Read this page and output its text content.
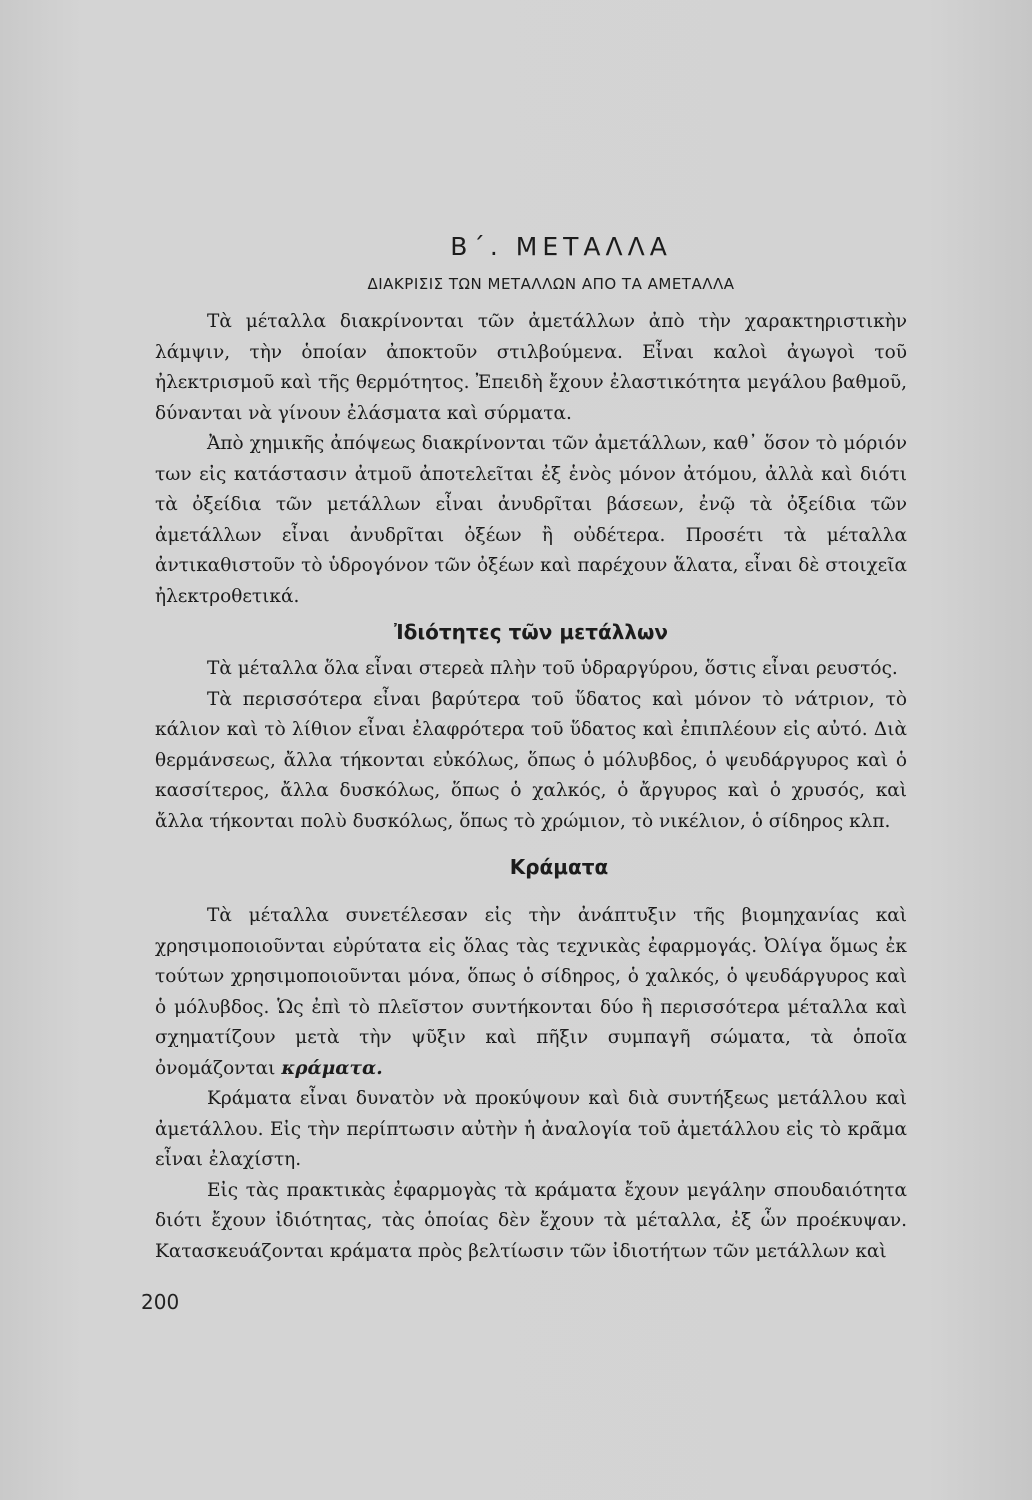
Β΄. ΜΕΤΑΛΛΑ
ΔΙΑΚΡΙΣΙΣ ΤΩΝ ΜΕΤΑΛΛΩΝ ΑΠΟ ΤΑ ΑΜΕΤΑΛΛΑ

Τὰ μέταλλα διακρίνονται τῶν ἀμετάλλων ἀπὸ τὴν χαρακτηριστικὴν λάμψιν, τὴν ὁποίαν ἀποκτοῦν στιλβούμενα. Εἶναι καλοὶ ἀγωγοὶ τοῦ ἠλεκτρισμοῦ καὶ τῆς θερμότητος. Ἐπειδὴ ἔχουν ἐλαστικότητα μεγάλου βαθμοῦ, δύνανται νὰ γίνουν ἐλάσματα καὶ σύρματα.

Ἀπὸ χημικῆς ἀπόψεως διακρίνονται τῶν ἀμετάλλων, καθ᾽ ὅσον τὸ μόριόν των εἰς κατάστασιν ἀτμοῦ ἀποτελεῖται ἐξ ἑνὸς μόνον ἀτόμου, ἀλλὰ καὶ διότι τὰ ὀξείδια τῶν μετάλλων εἶναι ἀνυδρῖται βάσεων, ἐνῷ τὰ ὀξείδια τῶν ἀμετάλλων εἶναι ἀνυδρῖται ὀξέων ἢ οὐδέτερα. Προσέτι τὰ μέταλλα ἀντικαθιστοῦν τὸ ὑδρογόνον τῶν ὀξέων καὶ παρέχουν ἅλατα, εἶναι δὲ στοιχεῖα ἠλεκτροθετικά.

Ἰδιότητες τῶν μετάλλων

Τὰ μέταλλα ὅλα εἶναι στερεὰ πλὴν τοῦ ὑδραργύρου, ὅστις εἶναι ρευστός.

Τὰ περισσότερα εἶναι βαρύτερα τοῦ ὕδατος καὶ μόνον τὸ νάτριον, τὸ κάλιον καὶ τὸ λίθιον εἶναι ἐλαφρότερα τοῦ ὕδατος καὶ ἐπιπλέουν εἰς αὐτό. Διὰ θερμάνσεως, ἄλλα τήκονται εὐκόλως, ὅπως ὁ μόλυβδος, ὁ ψευδάργυρος καὶ ὁ κασσίτερος, ἄλλα δυσκόλως, ὅπως ὁ χαλκός, ὁ ἄργυρος καὶ ὁ χρυσός, καὶ ἄλλα τήκονται πολὺ δυσκόλως, ὅπως τὸ χρώμιον, τὸ νικέλιον, ὁ σίδηρος κλπ.

Κράματα

Τὰ μέταλλα συνετέλεσαν εἰς τὴν ἀνάπτυξιν τῆς βιομηχανίας καὶ χρησιμοποιοῦνται εὐρύτατα εἰς ὅλας τὰς τεχνικὰς ἐφαρμογάς. Ὀλίγα ὅμως ἐκ τούτων χρησιμοποιοῦνται μόνα, ὅπως ὁ σίδηρος, ὁ χαλκός, ὁ ψευδάργυρος καὶ ὁ μόλυβδος. Ὡς ἐπὶ τὸ πλεῖστον συντήκονται δύο ἢ περισσότερα μέταλλα καὶ σχηματίζουν μετὰ τὴν ψῦξιν καὶ πῆξιν συμπαγῆ σώματα, τὰ ὁποῖα ὀνομάζονται κράματα.

Κράματα εἶναι δυνατὸν νὰ προκύψουν καὶ διὰ συντήξεως μετάλλου καὶ ἀμετάλλου. Εἰς τὴν περίπτωσιν αὐτὴν ἡ ἀναλογία τοῦ ἀμετάλλου εἰς τὸ κρᾶμα εἶναι ἐλαχίστη.

Εἰς τὰς πρακτικὰς ἐφαρμογὰς τὰ κράματα ἔχουν μεγάλην σπουδαιότητα διότι ἔχουν ἰδιότητας, τὰς ὁποίας δὲν ἔχουν τὰ μέταλλα, ἐξ ὧν προέκυψαν. Κατασκευάζονται κράματα πρὸς βελτίωσιν τῶν ἰδιοτήτων τῶν μετάλλων καὶ

200
